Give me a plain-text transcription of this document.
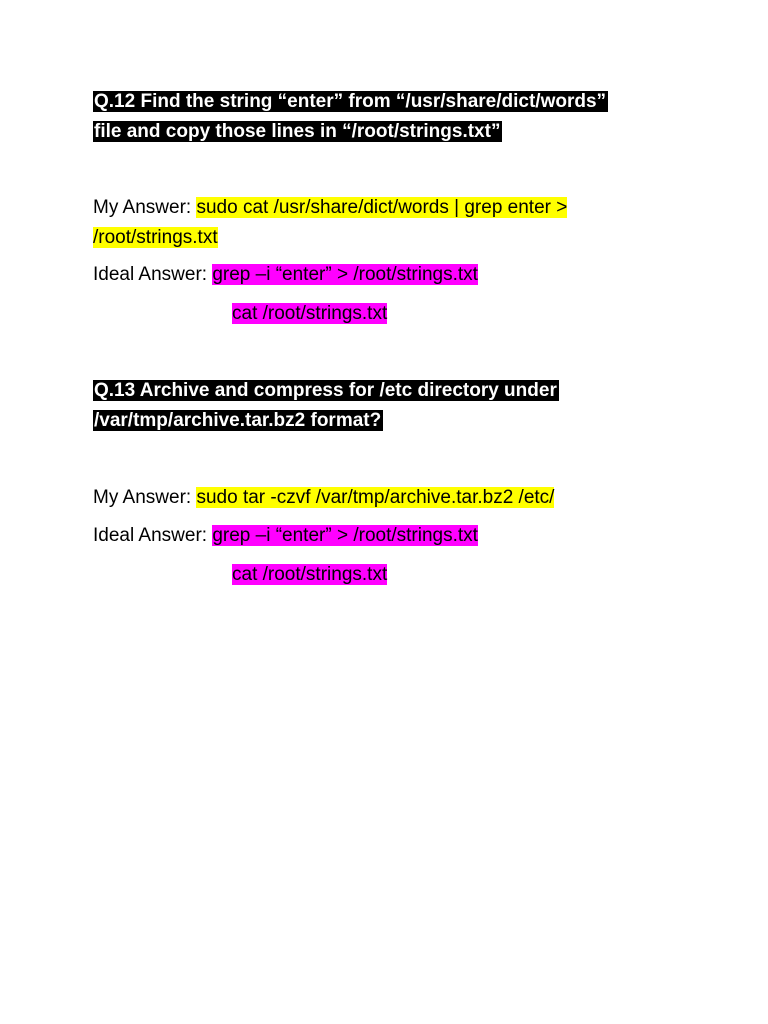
Q.12 Find the string “enter” from “/usr/share/dict/words”
file and copy those lines in “/root/strings.txt”
My Answer: sudo cat /usr/share/dict/words | grep enter >
/root/strings.txt
Ideal Answer: grep –i “enter” > /root/strings.txt
cat /root/strings.txt
Q.13 Archive and compress for /etc directory under
/var/tmp/archive.tar.bz2 format?
My Answer: sudo tar -czvf /var/tmp/archive.tar.bz2 /etc/
Ideal Answer: grep –i “enter” > /root/strings.txt
cat /root/strings.txt
